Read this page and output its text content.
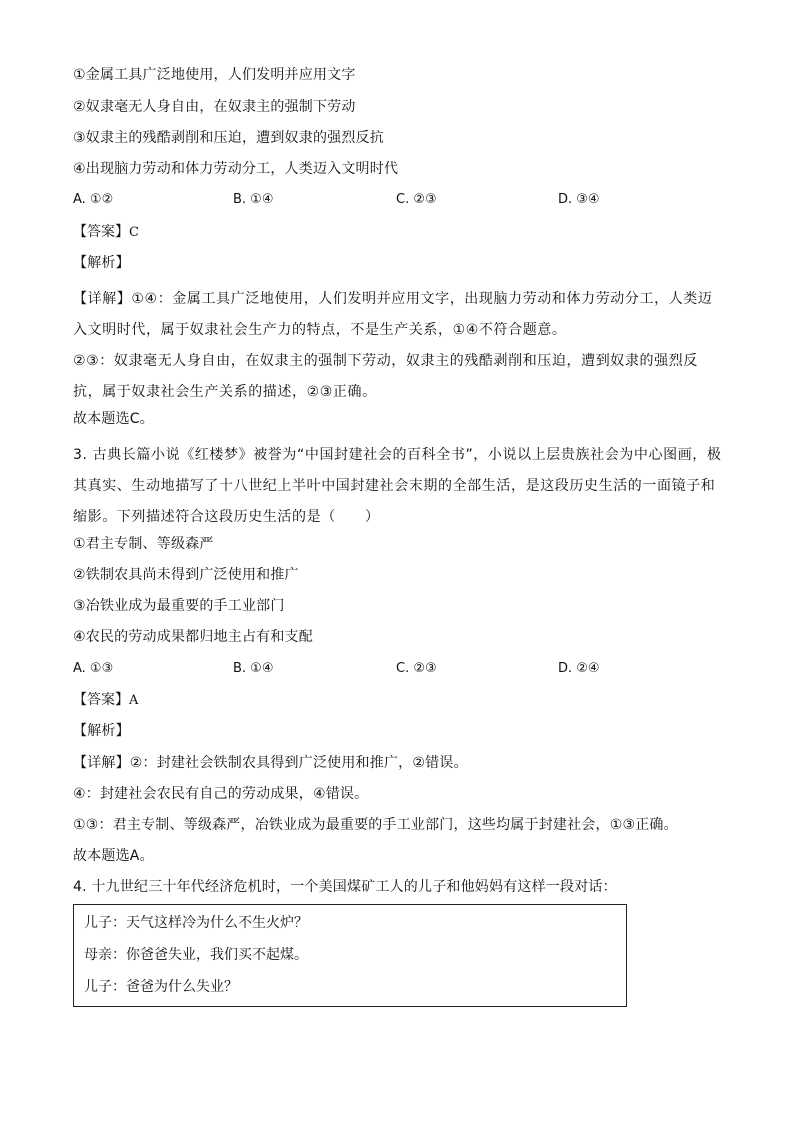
①金属工具广泛地使用，人们发明并应用文字
②奴隶毫无人身自由，在奴隶主的强制下劳动
③奴隶主的残酷剥削和压迫，遭到奴隶的强烈反抗
④出现脑力劳动和体力劳动分工，人类迈入文明时代
A. ①②	B. ①④	C. ②③	D. ③④
【答案】C
【解析】
【详解】①④：金属工具广泛地使用，人们发明并应用文字，出现脑力劳动和体力劳动分工，人类迈入文明时代，属于奴隶社会生产力的特点，不是生产关系，①④不符合题意。
②③：奴隶毫无人身自由，在奴隶主的强制下劳动，奴隶主的残酷剥削和压迫，遭到奴隶的强烈反抗，属于奴隶社会生产关系的描述，②③正确。
故本题选C。
3. 古典长篇小说《红楼梦》被誉为“中国封建社会的百科全书”，小说以上层贵族社会为中心图画，极其真实、生动地描写了十八世纪上半叶中国封建社会末期的全部生活，是这段历史生活的一面镜子和缩影。下列描述符合这段历史生活的是（　　）
①君主专制、等级森严
②铁制农具尚未得到广泛使用和推广
③冶铁业成为最重要的手工业部门
④农民的劳动成果都归地主占有和支配
A. ①③	B. ①④	C. ②③	D. ②④
【答案】A
【解析】
【详解】②：封建社会铁制农具得到广泛使用和推广，②错误。
④：封建社会农民有自己的劳动成果，④错误。
①③：君主专制、等级森严，冶铁业成为最重要的手工业部门，这些均属于封建社会，①③正确。
故本题选A。
4. 十九世纪三十年代经济危机时，一个美国煤矿工人的儿子和他妈妈有这样一段对话：
儿子：天气这样冷为什么不生火炉？
母亲：你爸爸失业，我们买不起煤。
儿子：爸爸为什么失业？
